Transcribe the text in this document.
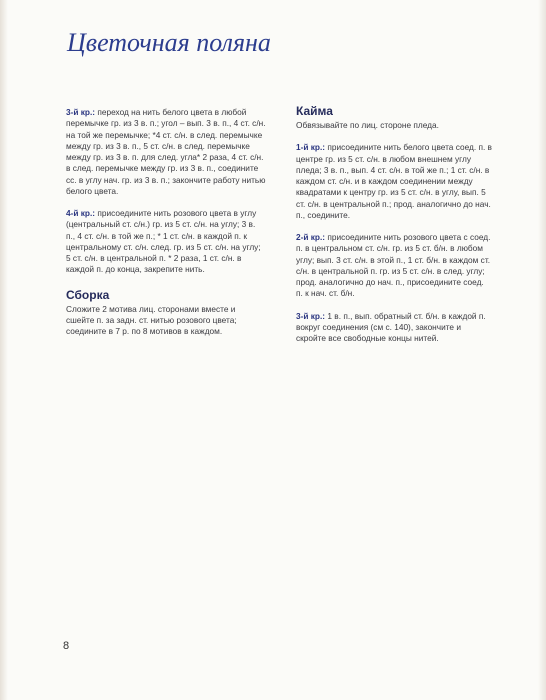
Цветочная поляна

3-й кр.: переход на нить белого цвета в любой перемычке гр. из 3 в. п.; угол – вып. 3 в. п., 4 ст. с/н. на той же перемычке; *4 ст. с/н. в след. перемычке между гр. из 3 в. п., 5 ст. с/н. в след. перемычке между гр. из 3 в. п. для след. угла* 2 раза, 4 ст. с/н. в след. перемычке между гр. из 3 в. п., соедините сс. в углу нач. гр. из 3 в. п.; закончите работу нитью белого цвета.

4-й кр.: присоедините нить розового цвета в углу (центральный ст. с/н.) гр. из 5 ст. с/н. на углу; 3 в. п., 4 ст. с/н. в той же п.; * 1 ст. с/н. в каждой п. к центральному ст. с/н. след. гр. из 5 ст. с/н. на углу; 5 ст. с/н. в центральной п. * 2 раза, 1 ст. с/н. в каждой п. до конца, закрепите нить.

Сборка

Сложите 2 мотива лиц. сторонами вместе и сшейте п. за задн. ст. нитью розового цвета; соедините в 7 р. по 8 мотивов в каждом.

Кайма

Обвязывайте по лиц. стороне пледа.

1-й кр.: присоедините нить белого цвета соед. п. в центре гр. из 5 ст. с/н. в любом внешнем углу пледа; 3 в. п., вып. 4 ст. с/н. в той же п.; 1 ст. с/н. в каждом ст. с/н. и в каждом соединении между квадратами к центру гр. из 5 ст. с/н. в углу, вып. 5 ст. с/н. в центральной п.; прод. аналогично до нач. п., соедините.

2-й кр.: присоедините нить розового цвета с соед. п. в центральном ст. с/н. гр. из 5 ст. б/н. в любом углу; вып. 3 ст. с/н. в этой п., 1 ст. б/н. в каждом ст. с/н. в центральной п. гр. из 5 ст. с/н. в след. углу; прод. аналогично до нач. п., присоедините соед. п. к нач. ст. б/н.

3-й кр.: 1 в. п., вып. обратный ст. б/н. в каждой п. вокруг соединения (см с. 140), закончите и скройте все свободные концы нитей.

8
